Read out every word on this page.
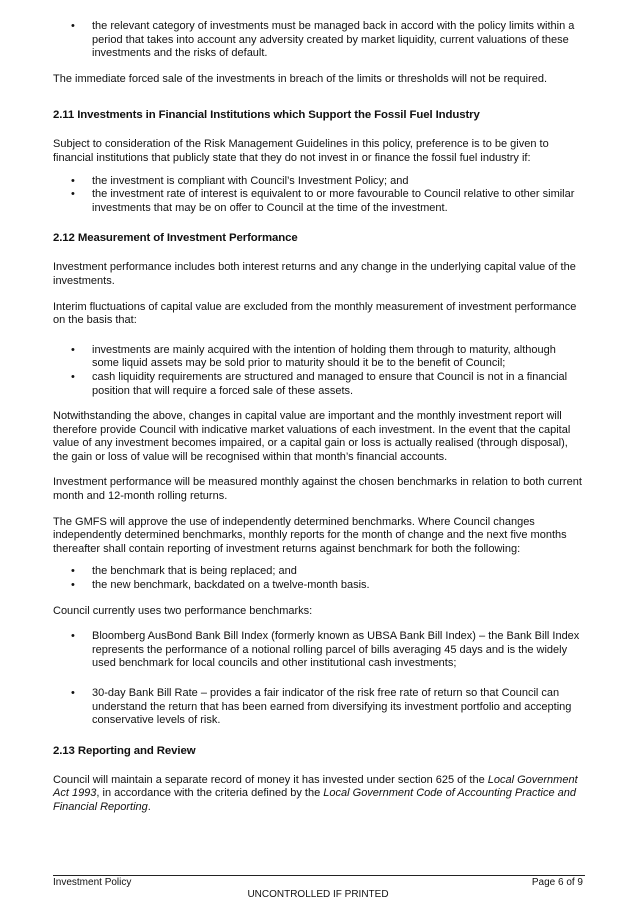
• the relevant category of investments must be managed back in accord with the policy limits within a period that takes into account any adversity created by market liquidity, current valuations of these investments and the risks of default.

The immediate forced sale of the investments in breach of the limits or thresholds will not be required.

2.11 Investments in Financial Institutions which Support the Fossil Fuel Industry

Subject to consideration of the Risk Management Guidelines in this policy, preference is to be given to financial institutions that publicly state that they do not invest in or finance the fossil fuel industry if:

• the investment is compliant with Council’s Investment Policy; and
• the investment rate of interest is equivalent to or more favourable to Council relative to other similar investments that may be on offer to Council at the time of the investment.
2.12 Measurement of Investment Performance

Investment performance includes both interest returns and any change in the underlying capital value of the investments.

Interim fluctuations of capital value are excluded from the monthly measurement of investment performance on the basis that:

• investments are mainly acquired with the intention of holding them through to maturity, although some liquid assets may be sold prior to maturity should it be to the benefit of Council;
• cash liquidity requirements are structured and managed to ensure that Council is not in a financial position that will require a forced sale of these assets.

Notwithstanding the above, changes in capital value are important and the monthly investment report will therefore provide Council with indicative market valuations of each investment. In the event that the capital value of any investment becomes impaired, or a capital gain or loss is actually realised (through disposal), the gain or loss of value will be recognised within that month’s financial accounts.

Investment performance will be measured monthly against the chosen benchmarks in relation to both current month and 12-month rolling returns.

The GMFS will approve the use of independently determined benchmarks. Where Council changes independently determined benchmarks, monthly reports for the month of change and the next five months thereafter shall contain reporting of investment returns against benchmark for both the following:

• the benchmark that is being replaced; and
• the new benchmark, backdated on a twelve-month basis.

Council currently uses two performance benchmarks:

• Bloomberg AusBond Bank Bill Index (formerly known as UBSA Bank Bill Index) – the Bank Bill Index represents the performance of a notional rolling parcel of bills averaging 45 days and is the widely used benchmark for local councils and other institutional cash investments;
• 30-day Bank Bill Rate – provides a fair indicator of the risk free rate of return so that Council can understand the return that has been earned from diversifying its investment portfolio and accepting conservative levels of risk.
2.13 Reporting and Review

Council will maintain a separate record of money it has invested under section 625 of the Local Government Act 1993, in accordance with the criteria defined by the Local Government Code of Accounting Practice and Financial Reporting.

Investment Policy	Page 6 of 9
UNCONTROLLED IF PRINTED
